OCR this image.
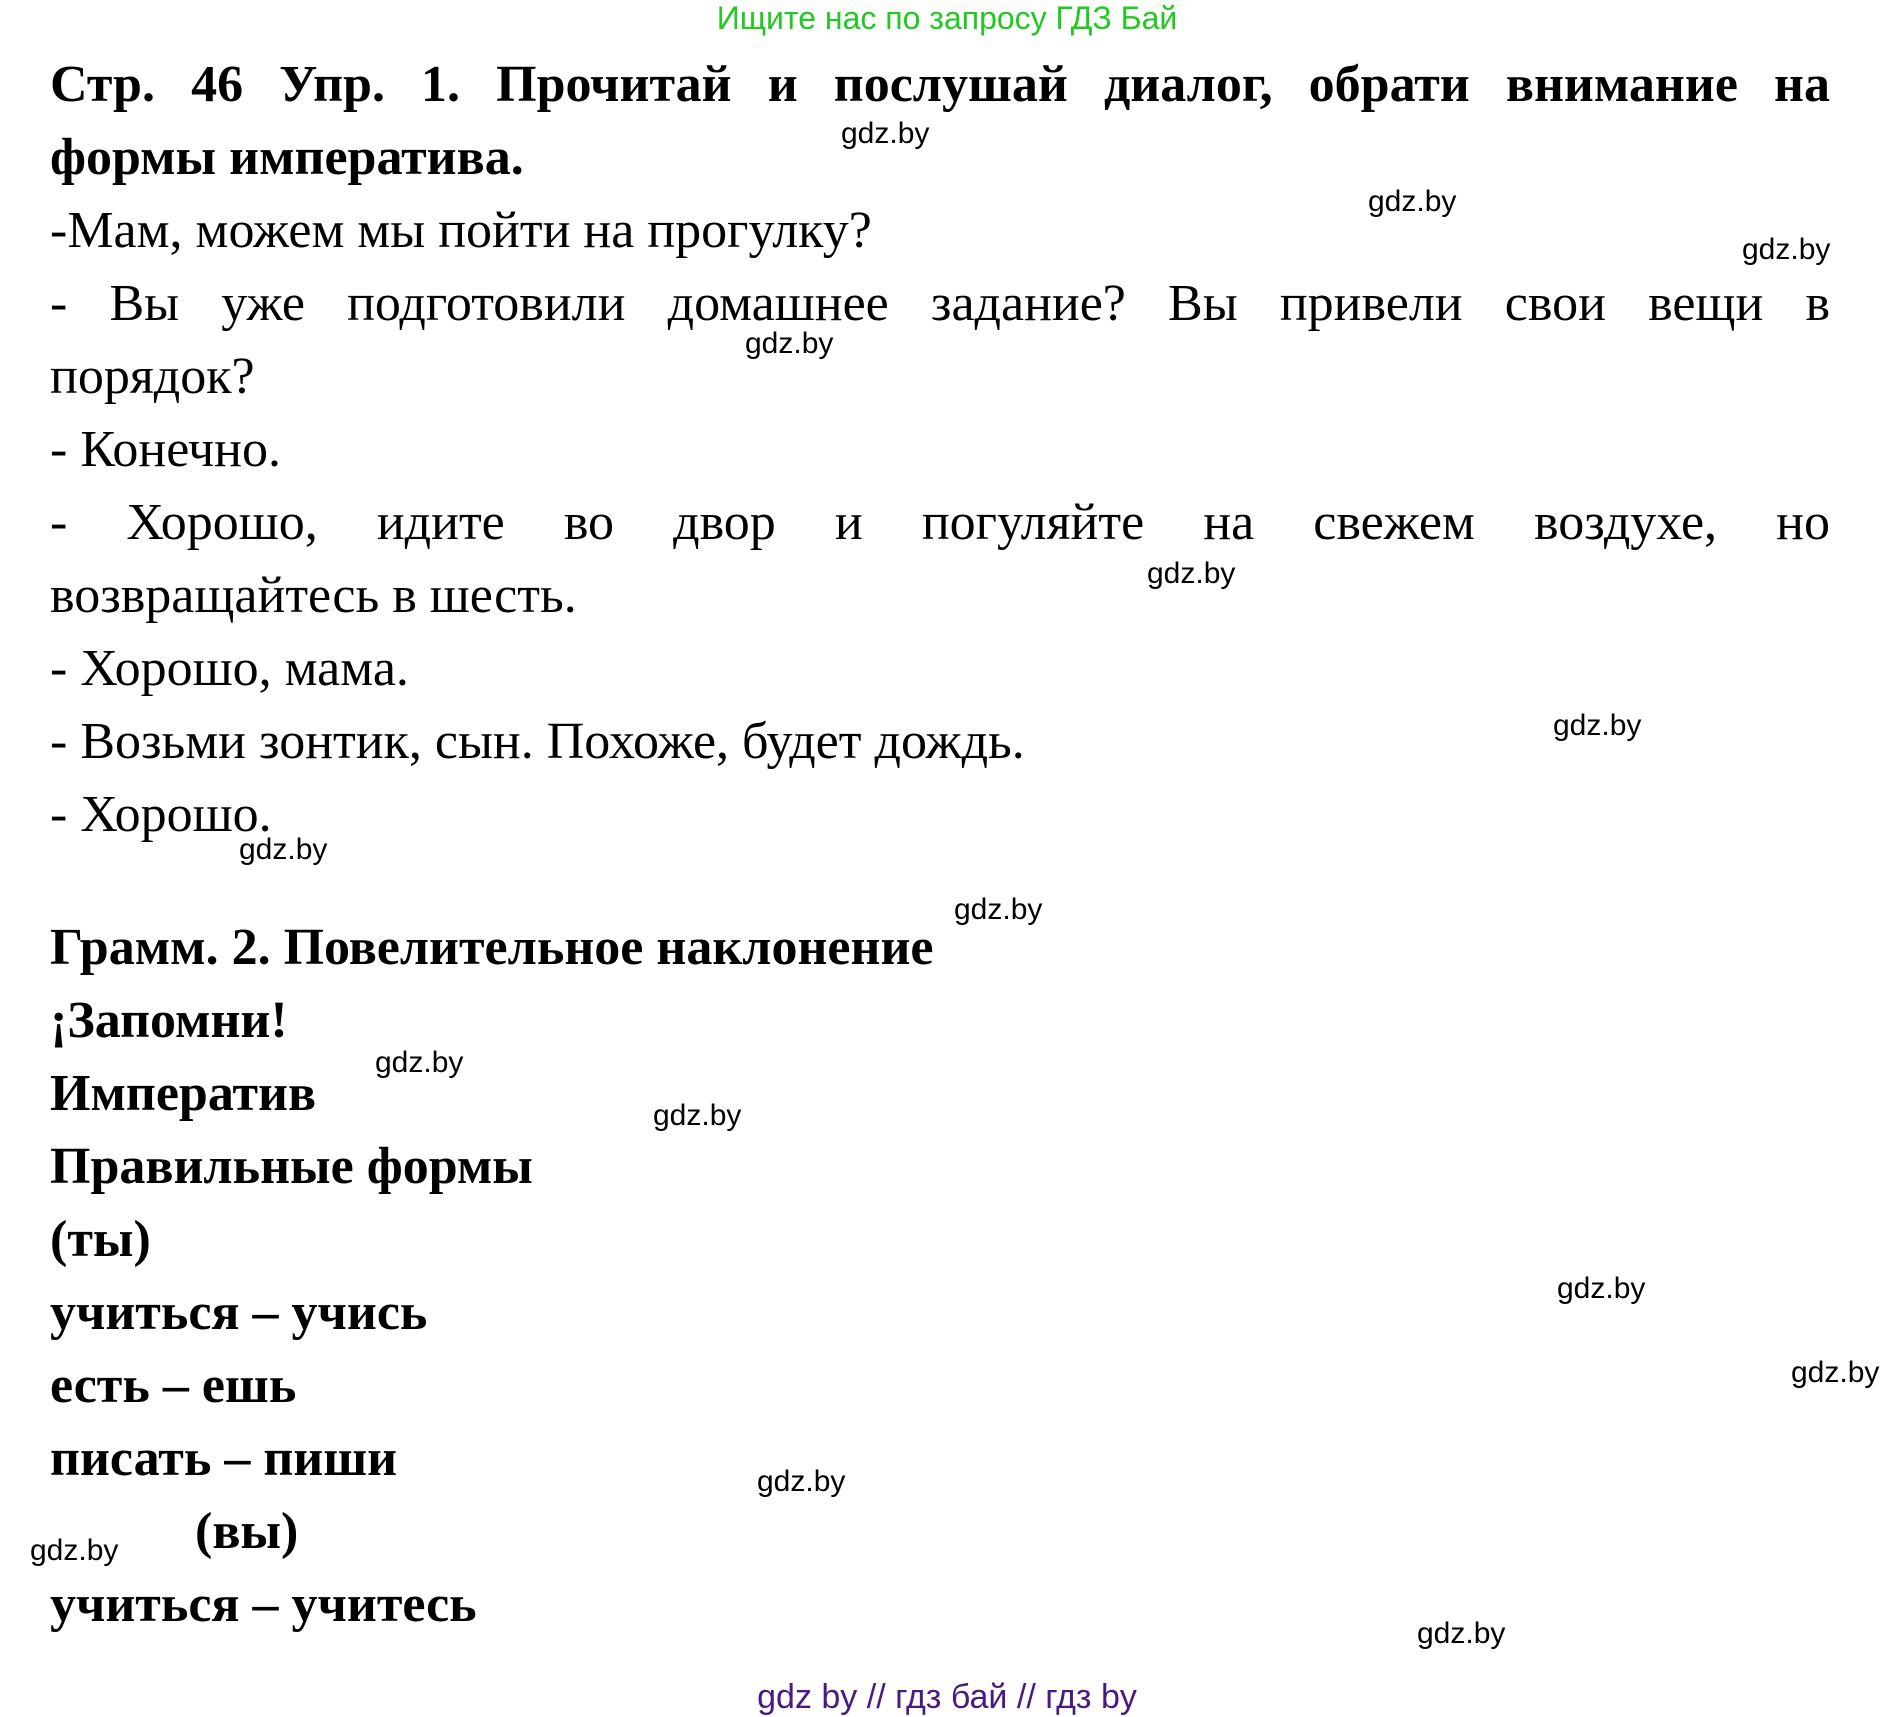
Ищите нас по запросу ГДЗ Бай
Стр. 46 Упр. 1. Прочитай и послушай диалог, обрати внимание на
формы императива.
-Мам, можем мы пойти на прогулку?
- Вы уже подготовили домашнее задание? Вы привели свои вещи в
порядок?
- Конечно.
- Хорошо, идите во двор и погуляйте на свежем воздухе, но
возвращайтесь в шесть.
- Хорошо, мама.
- Возьми зонтик, сын. Похоже, будет дождь.
- Хорошо.
Грамм. 2. Повелительное наклонение
¡Запомни!
Императив
Правильные формы
(ты)
учиться – учись
есть – ешь
писать – пиши
(вы)
учиться – учитесь
gdz.by
gdz.by
gdz.by
gdz.by
gdz.by
gdz.by
gdz.by
gdz.by
gdz.by
gdz.by
gdz.by
gdz.by
gdz.by
gdz.by
gdz.by
gdz by // гдз бай // гдз by
